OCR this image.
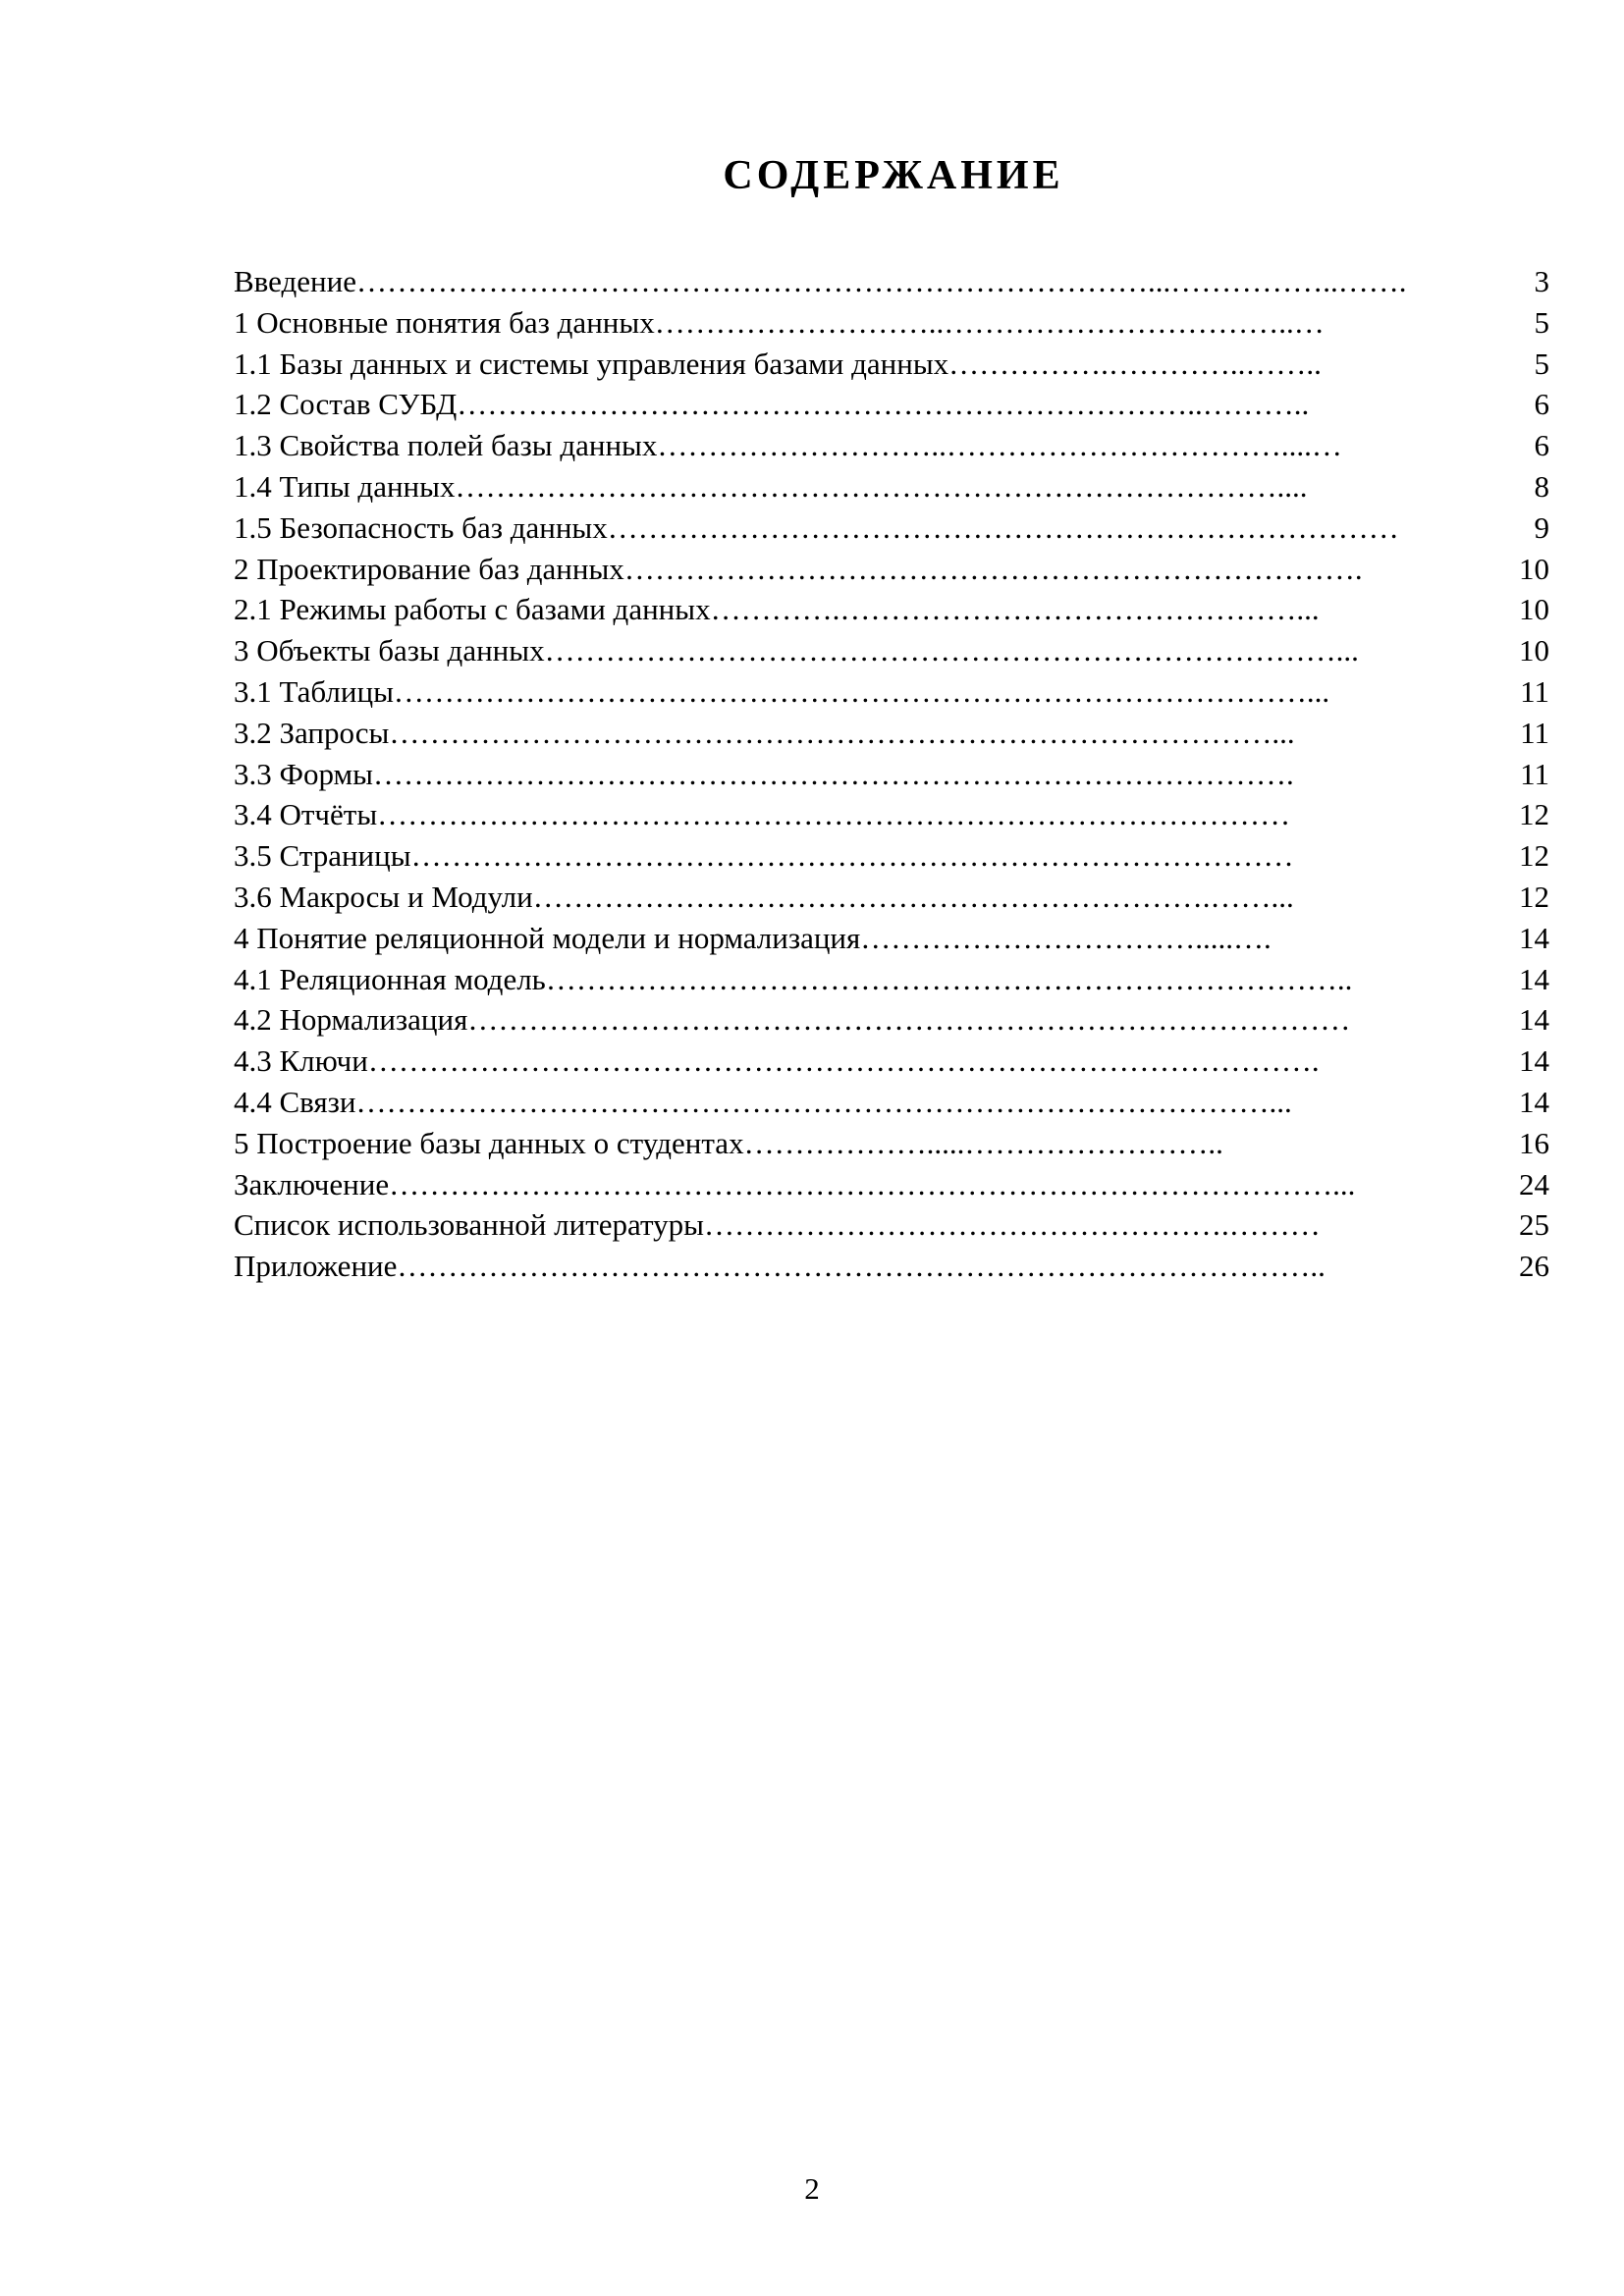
СОДЕРЖАНИЕ
Введение ……………………………………………………………………...……………..…….	3
1 Основные понятия баз данных ………………………..……………………………..…	5
1.1 Базы данных и системы управления базами данных …………….…………..……..	5
1.2 Состав СУБД ………………………………………………………………..………..	6
1.3 Свойства полей базы данных ………………………..……………………………....…	6
1.4 Типы данных ………………………………………………………………………....	8
1.5 Безопасность баз данных ……………………………………………………………………	9
2 Проектирование баз данных ……………………………………………………………….	10
2.1 Режимы работы с базами данных ………….………………………………………...	10
3 Объекты базы данных ……………………………………………………………………...	10
3.1 Таблицы ………………………………………………………………………………...	11
3.2 Запросы ……………………………………………………………………………...	11
3.3 Формы ……………………………………………………………………………….	11
3.4 Отчёты ………………………………………………………………………………	12
3.5 Страницы ……………………………………………………………………………	12
3.6 Макросы и Модули ………………………………………………………….……...	12
4 Понятие реляционной модели и нормализация …………………………….....….	14
4.1 Реляционная модель ……………………………………………………………………..	14
4.2 Нормализация ……………………………………………………………………………	14
4.3 Ключи ………………………………………………………………………………….	14
4.4 Связи ………………………………………………………………………………...	14
5 Построение базы данных о студентах ……………….....……………………..	16
Заключение …………………………………………………………………………………...	24
Список использованной литературы …………………………………………….………	25
Приложение ………………………………………………………………………………..	26
2
